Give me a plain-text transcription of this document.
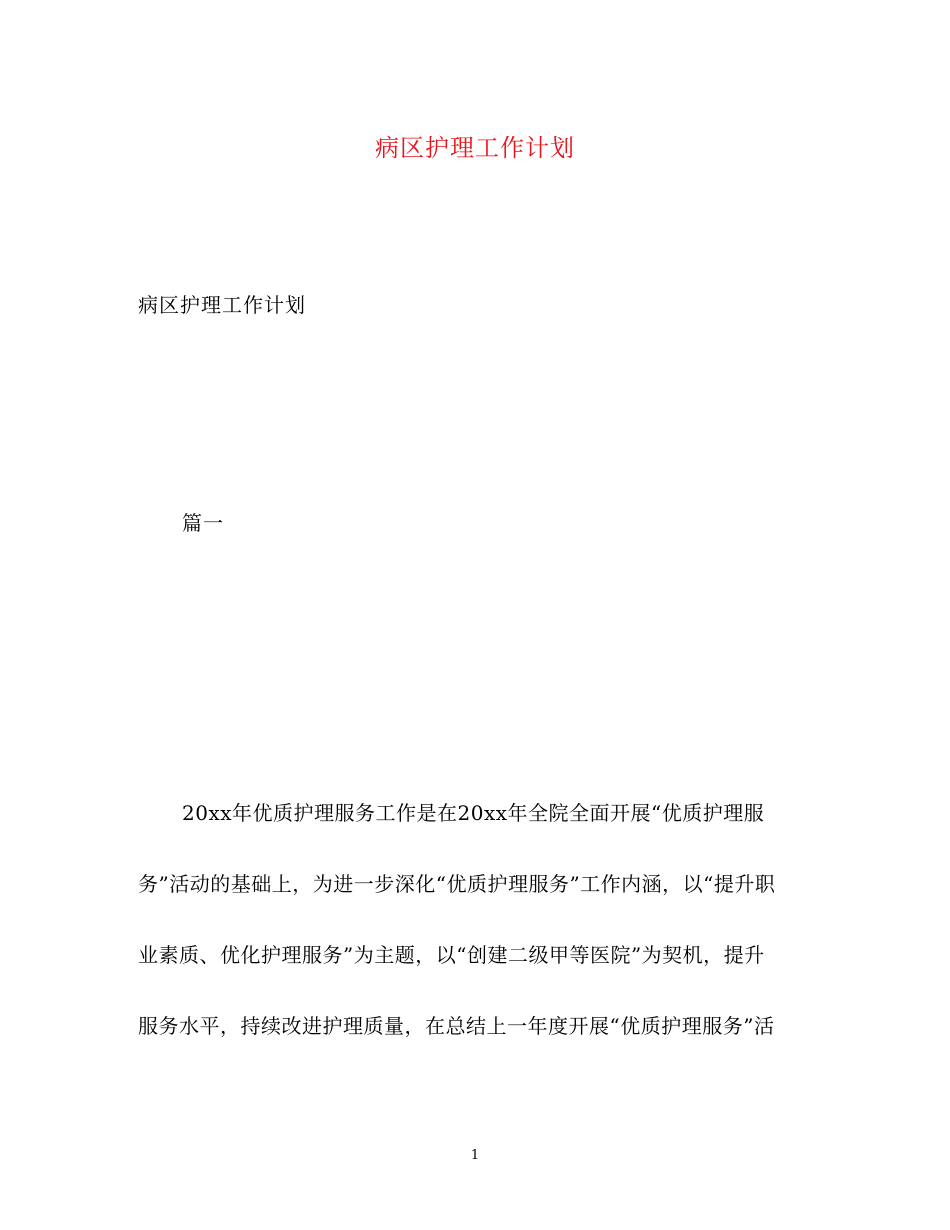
病区护理工作计划
病区护理工作计划
篇一
20xx年优质护理服务工作是在20xx年全院全面开展“优质护理服
务”活动的基础上，为进一步深化“优质护理服务”工作内涵，以“提升职
业素质、优化护理服务”为主题，以“创建二级甲等医院”为契机，提升
服务水平，持续改进护理质量，在总结上一年度开展“优质护理服务”活
1
